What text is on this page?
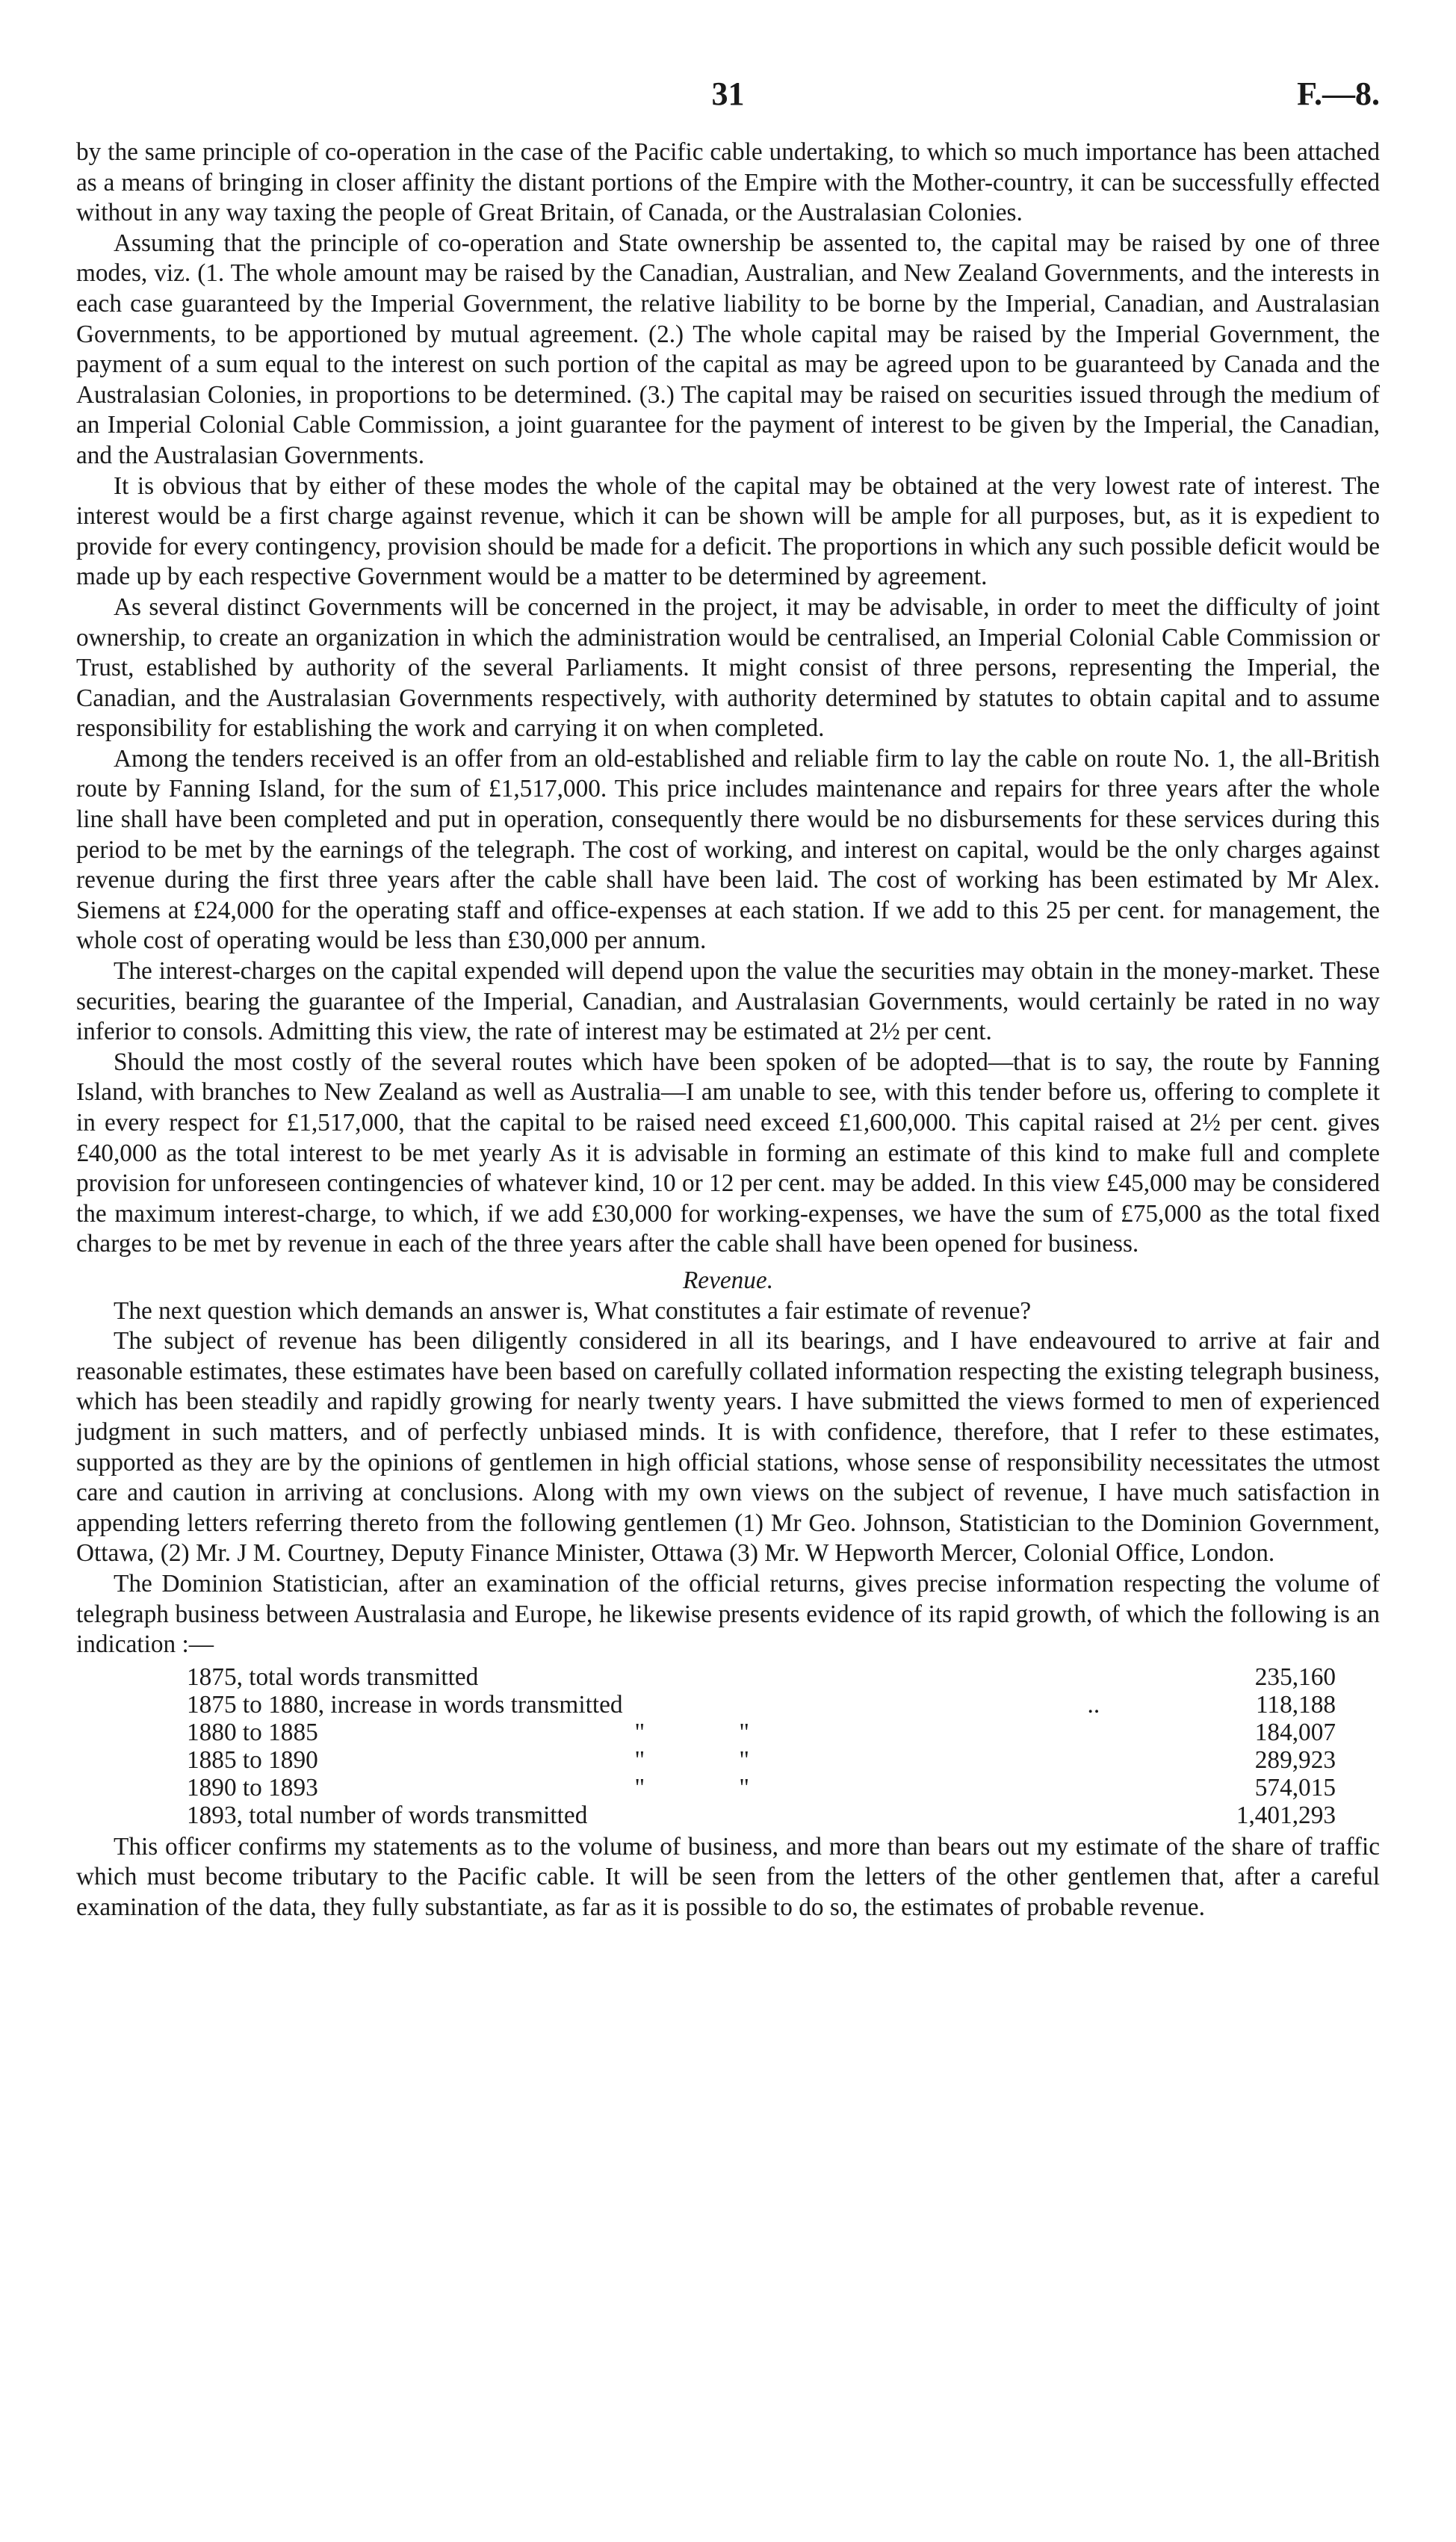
31	F.—8.

by the same principle of co-operation in the case of the Pacific cable undertaking, to which so much importance has been attached as a means of bringing in closer affinity the distant portions of the Empire with the Mother-country, it can be successfully effected without in any way taxing the people of Great Britain, of Canada, or the Australasian Colonies.

Assuming that the principle of co-operation and State ownership be assented to, the capital may be raised by one of three modes, viz. (1. The whole amount may be raised by the Canadian, Australian, and New Zealand Governments, and the interests in each case guaranteed by the Imperial Government, the relative liability to be borne by the Imperial, Canadian, and Australasian Governments, to be apportioned by mutual agreement. (2.) The whole capital may be raised by the Imperial Government, the payment of a sum equal to the interest on such portion of the capital as may be agreed upon to be guaranteed by Canada and the Australasian Colonies, in proportions to be determined. (3.) The capital may be raised on securities issued through the medium of an Imperial Colonial Cable Commission, a joint guarantee for the payment of interest to be given by the Imperial, the Canadian, and the Australasian Governments.

It is obvious that by either of these modes the whole of the capital may be obtained at the very lowest rate of interest. The interest would be a first charge against revenue, which it can be shown will be ample for all purposes, but, as it is expedient to provide for every contingency, provision should be made for a deficit. The proportions in which any such possible deficit would be made up by each respective Government would be a matter to be determined by agreement.

As several distinct Governments will be concerned in the project, it may be advisable, in order to meet the difficulty of joint ownership, to create an organization in which the administration would be centralised, an Imperial Colonial Cable Commission or Trust, established by authority of the several Parliaments. It might consist of three persons, representing the Imperial, the Canadian, and the Australasian Governments respectively, with authority determined by statutes to obtain capital and to assume responsibility for establishing the work and carrying it on when completed.

Among the tenders received is an offer from an old-established and reliable firm to lay the cable on route No. 1, the all-British route by Fanning Island, for the sum of £1,517,000. This price includes maintenance and repairs for three years after the whole line shall have been completed and put in operation, consequently there would be no disbursements for these services during this period to be met by the earnings of the telegraph. The cost of working, and interest on capital, would be the only charges against revenue during the first three years after the cable shall have been laid. The cost of working has been estimated by Mr Alex. Siemens at £24,000 for the operating staff and office-expenses at each station. If we add to this 25 per cent. for management, the whole cost of operating would be less than £30,000 per annum.

The interest-charges on the capital expended will depend upon the value the securities may obtain in the money-market. These securities, bearing the guarantee of the Imperial, Canadian, and Australasian Governments, would certainly be rated in no way inferior to consols. Admitting this view, the rate of interest may be estimated at 2½ per cent.

Should the most costly of the several routes which have been spoken of be adopted—that is to say, the route by Fanning Island, with branches to New Zealand as well as Australia—I am unable to see, with this tender before us, offering to complete it in every respect for £1,517,000, that the capital to be raised need exceed £1,600,000. This capital raised at 2½ per cent. gives £40,000 as the total interest to be met yearly As it is advisable in forming an estimate of this kind to make full and complete provision for unforeseen contingencies of whatever kind, 10 or 12 per cent. may be added. In this view £45,000 may be considered the maximum interest-charge, to which, if we add £30,000 for working-expenses, we have the sum of £75,000 as the total fixed charges to be met by revenue in each of the three years after the cable shall have been opened for business.

Revenue.

The next question which demands an answer is, What constitutes a fair estimate of revenue?

The subject of revenue has been diligently considered in all its bearings, and I have endeavoured to arrive at fair and reasonable estimates, these estimates have been based on carefully collated information respecting the existing telegraph business, which has been steadily and rapidly growing for nearly twenty years. I have submitted the views formed to men of experienced judgment in such matters, and of perfectly unbiased minds. It is with confidence, therefore, that I refer to these estimates, supported as they are by the opinions of gentlemen in high official stations, whose sense of responsibility necessitates the utmost care and caution in arriving at conclusions. Along with my own views on the subject of revenue, I have much satisfaction in appending letters referring thereto from the following gentlemen (1) Mr Geo. Johnson, Statistician to the Dominion Government, Ottawa, (2) Mr. J M. Courtney, Deputy Finance Minister, Ottawa (3) Mr. W Hepworth Mercer, Colonial Office, London.

The Dominion Statistician, after an examination of the official returns, gives precise information respecting the volume of telegraph business between Australasia and Europe, he likewise presents evidence of its rapid growth, of which the following is an indication :—

1875, total words transmitted				235,160
1875 to 1880, increase in words transmitted			..	118,188
1880 to 1885	"	"		184,007
1885 to 1890	"	"		289,923
1890 to 1893	"	"		574,015
1893, total number of words transmitted				1,401,293

This officer confirms my statements as to the volume of business, and more than bears out my estimate of the share of traffic which must become tributary to the Pacific cable. It will be seen from the letters of the other gentlemen that, after a careful examination of the data, they fully substantiate, as far as it is possible to do so, the estimates of probable revenue.
